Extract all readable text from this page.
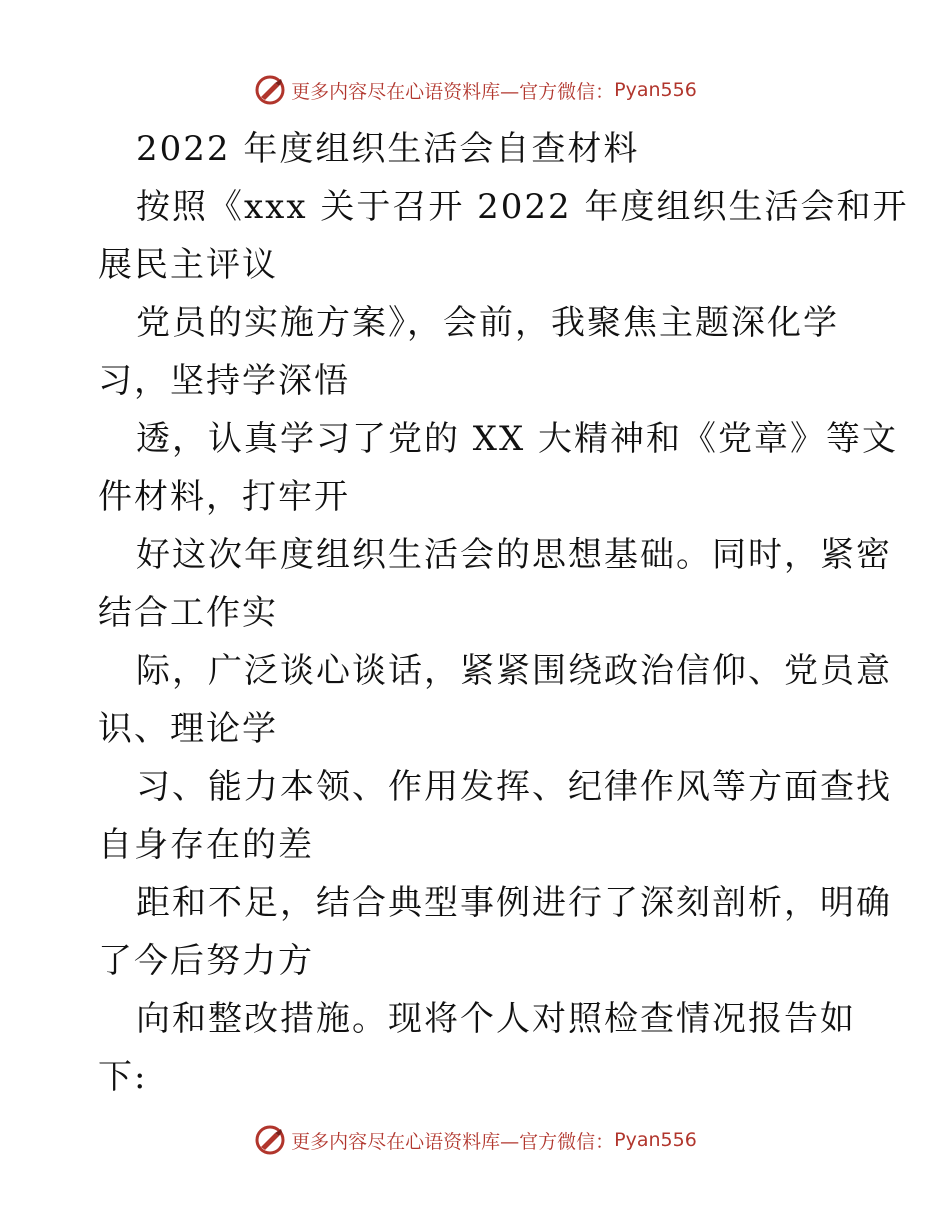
更多内容尽在心语资料库—官方微信： Pyan556
2022 年度组织生活会自查材料
按照《xxx 关于召开 2022 年度组织生活会和开
展民主评议
党员的实施方案》，会前，我聚焦主题深化学
习，坚持学深悟
透，认真学习了党的 XX 大精神和《党章》等文
件材料，打牢开
好这次年度组织生活会的思想基础。同时，紧密
结合工作实
际，广泛谈心谈话，紧紧围绕政治信仰、党员意
识、理论学
习、能力本领、作用发挥、纪律作风等方面查找
自身存在的差
距和不足，结合典型事例进行了深刻剖析，明确
了今后努力方
向和整改措施。现将个人对照检查情况报告如
下:
更多内容尽在心语资料库—官方微信： Pyan556
